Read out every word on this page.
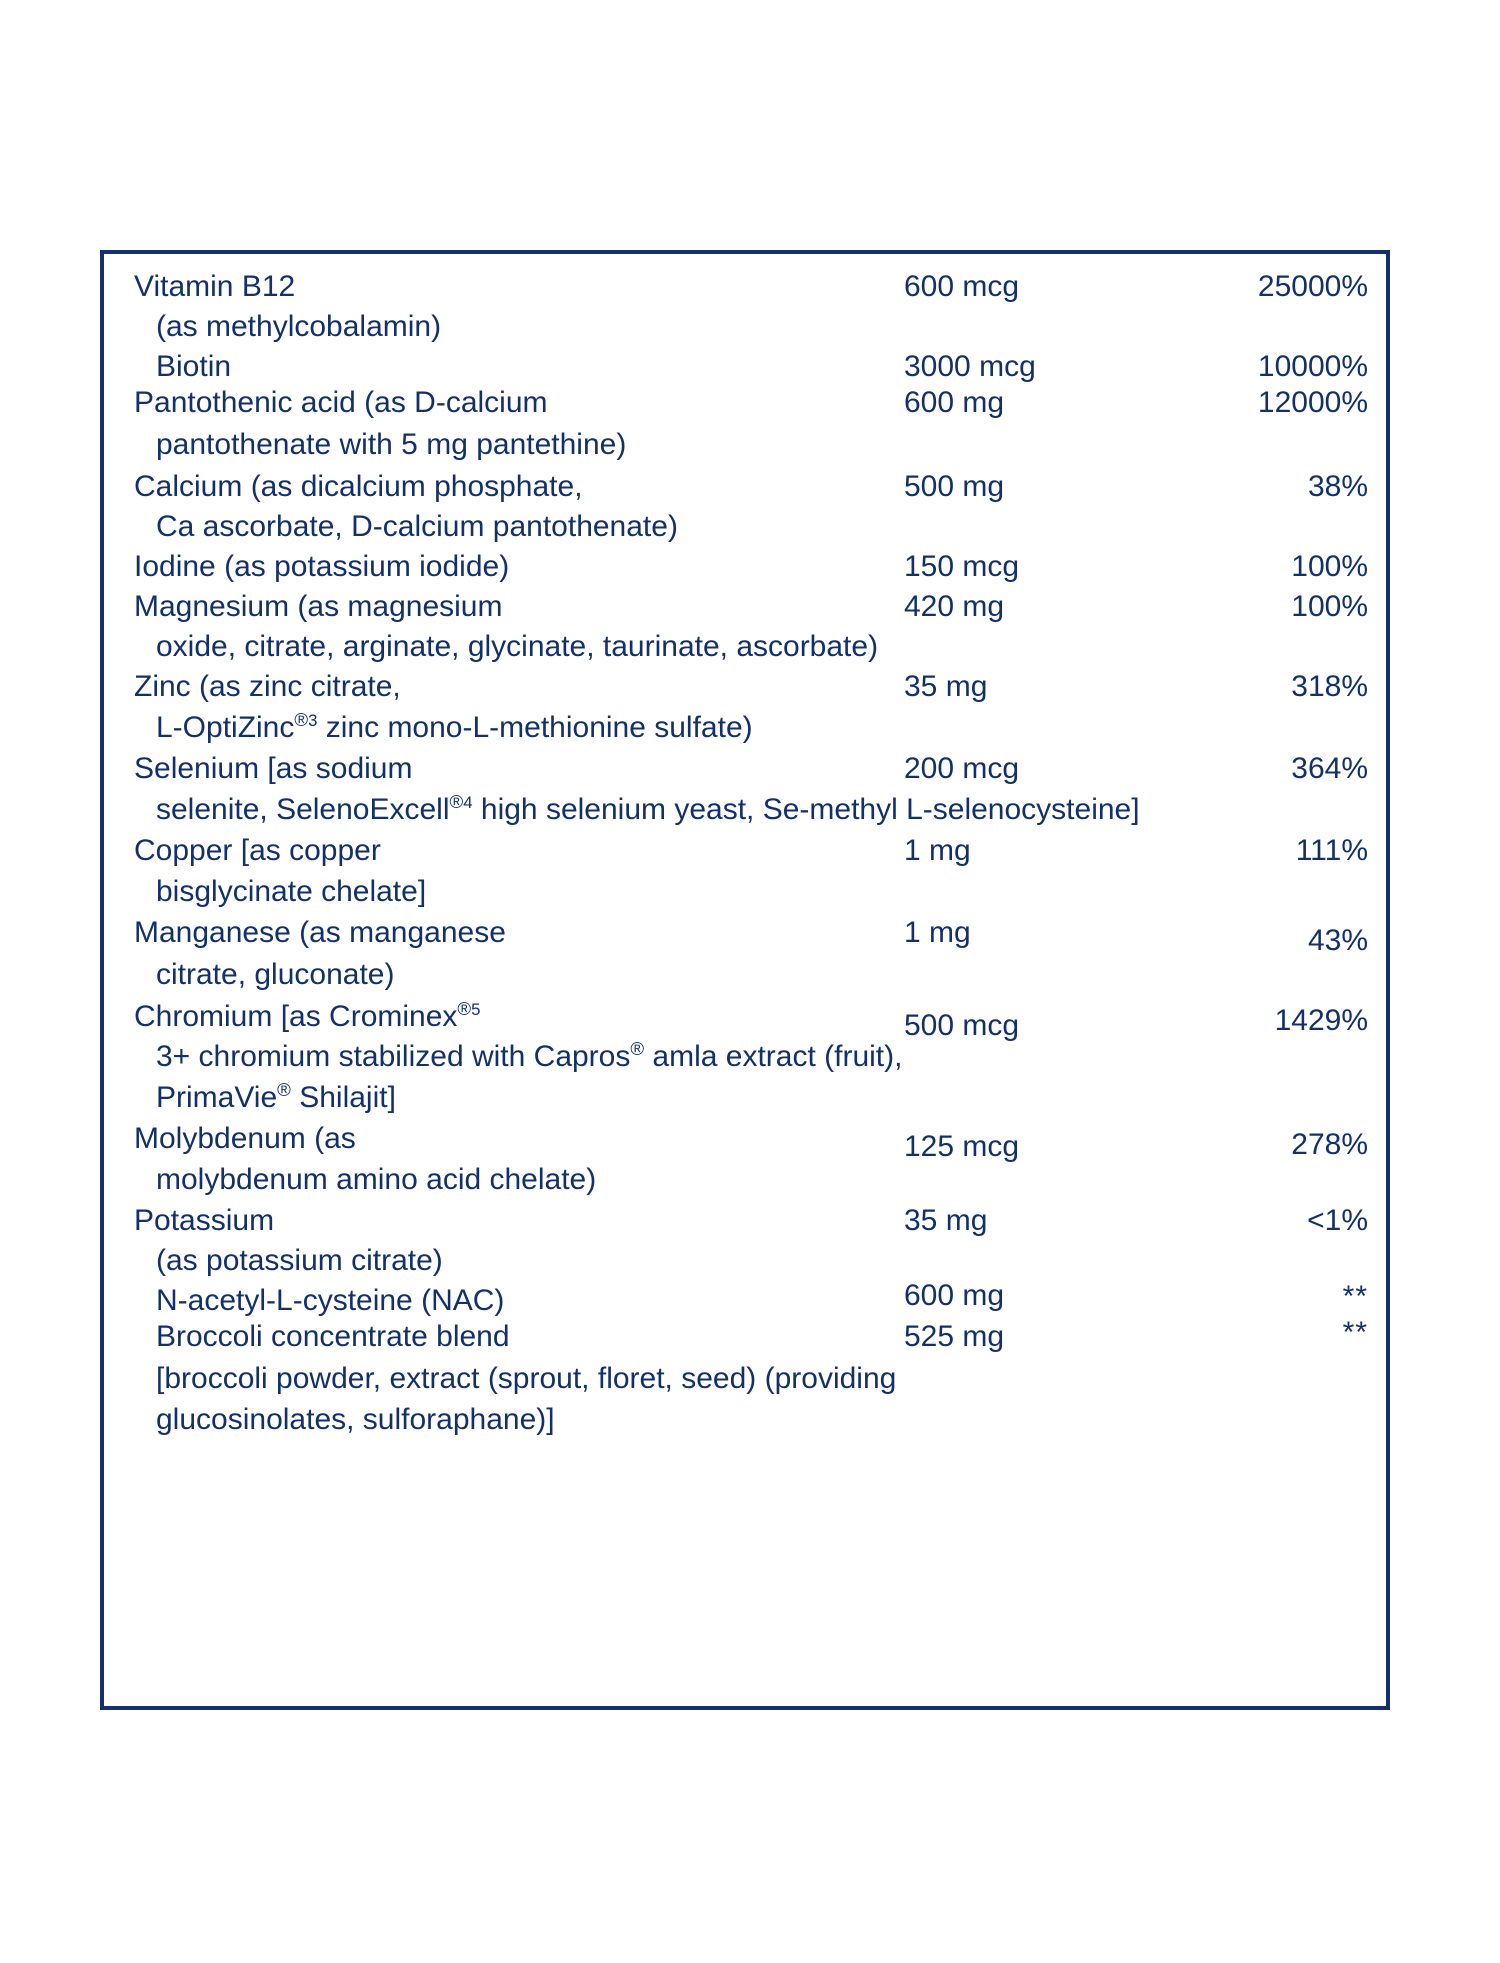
Vitamin B12	600 mcg	25000%
(as methylcobalamin)
Biotin	3000 mcg	10000%
Pantothenic acid (as D-calcium	600 mg	12000%
pantothenate with 5 mg pantethine)
Calcium (as dicalcium phosphate,	500 mg	38%
Ca ascorbate, D-calcium pantothenate)
Iodine (as potassium iodide)	150 mcg	100%
Magnesium (as magnesium	420 mg	100%
oxide, citrate, arginate, glycinate, taurinate, ascorbate)
Zinc (as zinc citrate,	35 mg	318%
L-OptiZinc$^{®3}$ zinc mono-L-methionine sulfate)
Selenium [as sodium	200 mcg	364%
selenite, SelenoExcell$^{®4}$ high selenium yeast, Se-methyl L-selenocysteine]
Copper [as copper	1 mg	111%
bisglycinate chelate]
Manganese (as manganese	1 mg	43%
citrate, gluconate)
Chromium [as Crominex$^{®5}$	500 mcg	1429%
3+ chromium stabilized with Capros® amla extract (fruit),
PrimaVie® Shilajit]
Molybdenum (as	125 mcg	278%
molybdenum amino acid chelate)
Potassium	35 mg	<1%
(as potassium citrate)
N-acetyl-L-cysteine (NAC)	600 mg	**
Broccoli concentrate blend	525 mg	**
[broccoli powder, extract (sprout, floret, seed) (providing
glucosinolates, sulforaphane)]
